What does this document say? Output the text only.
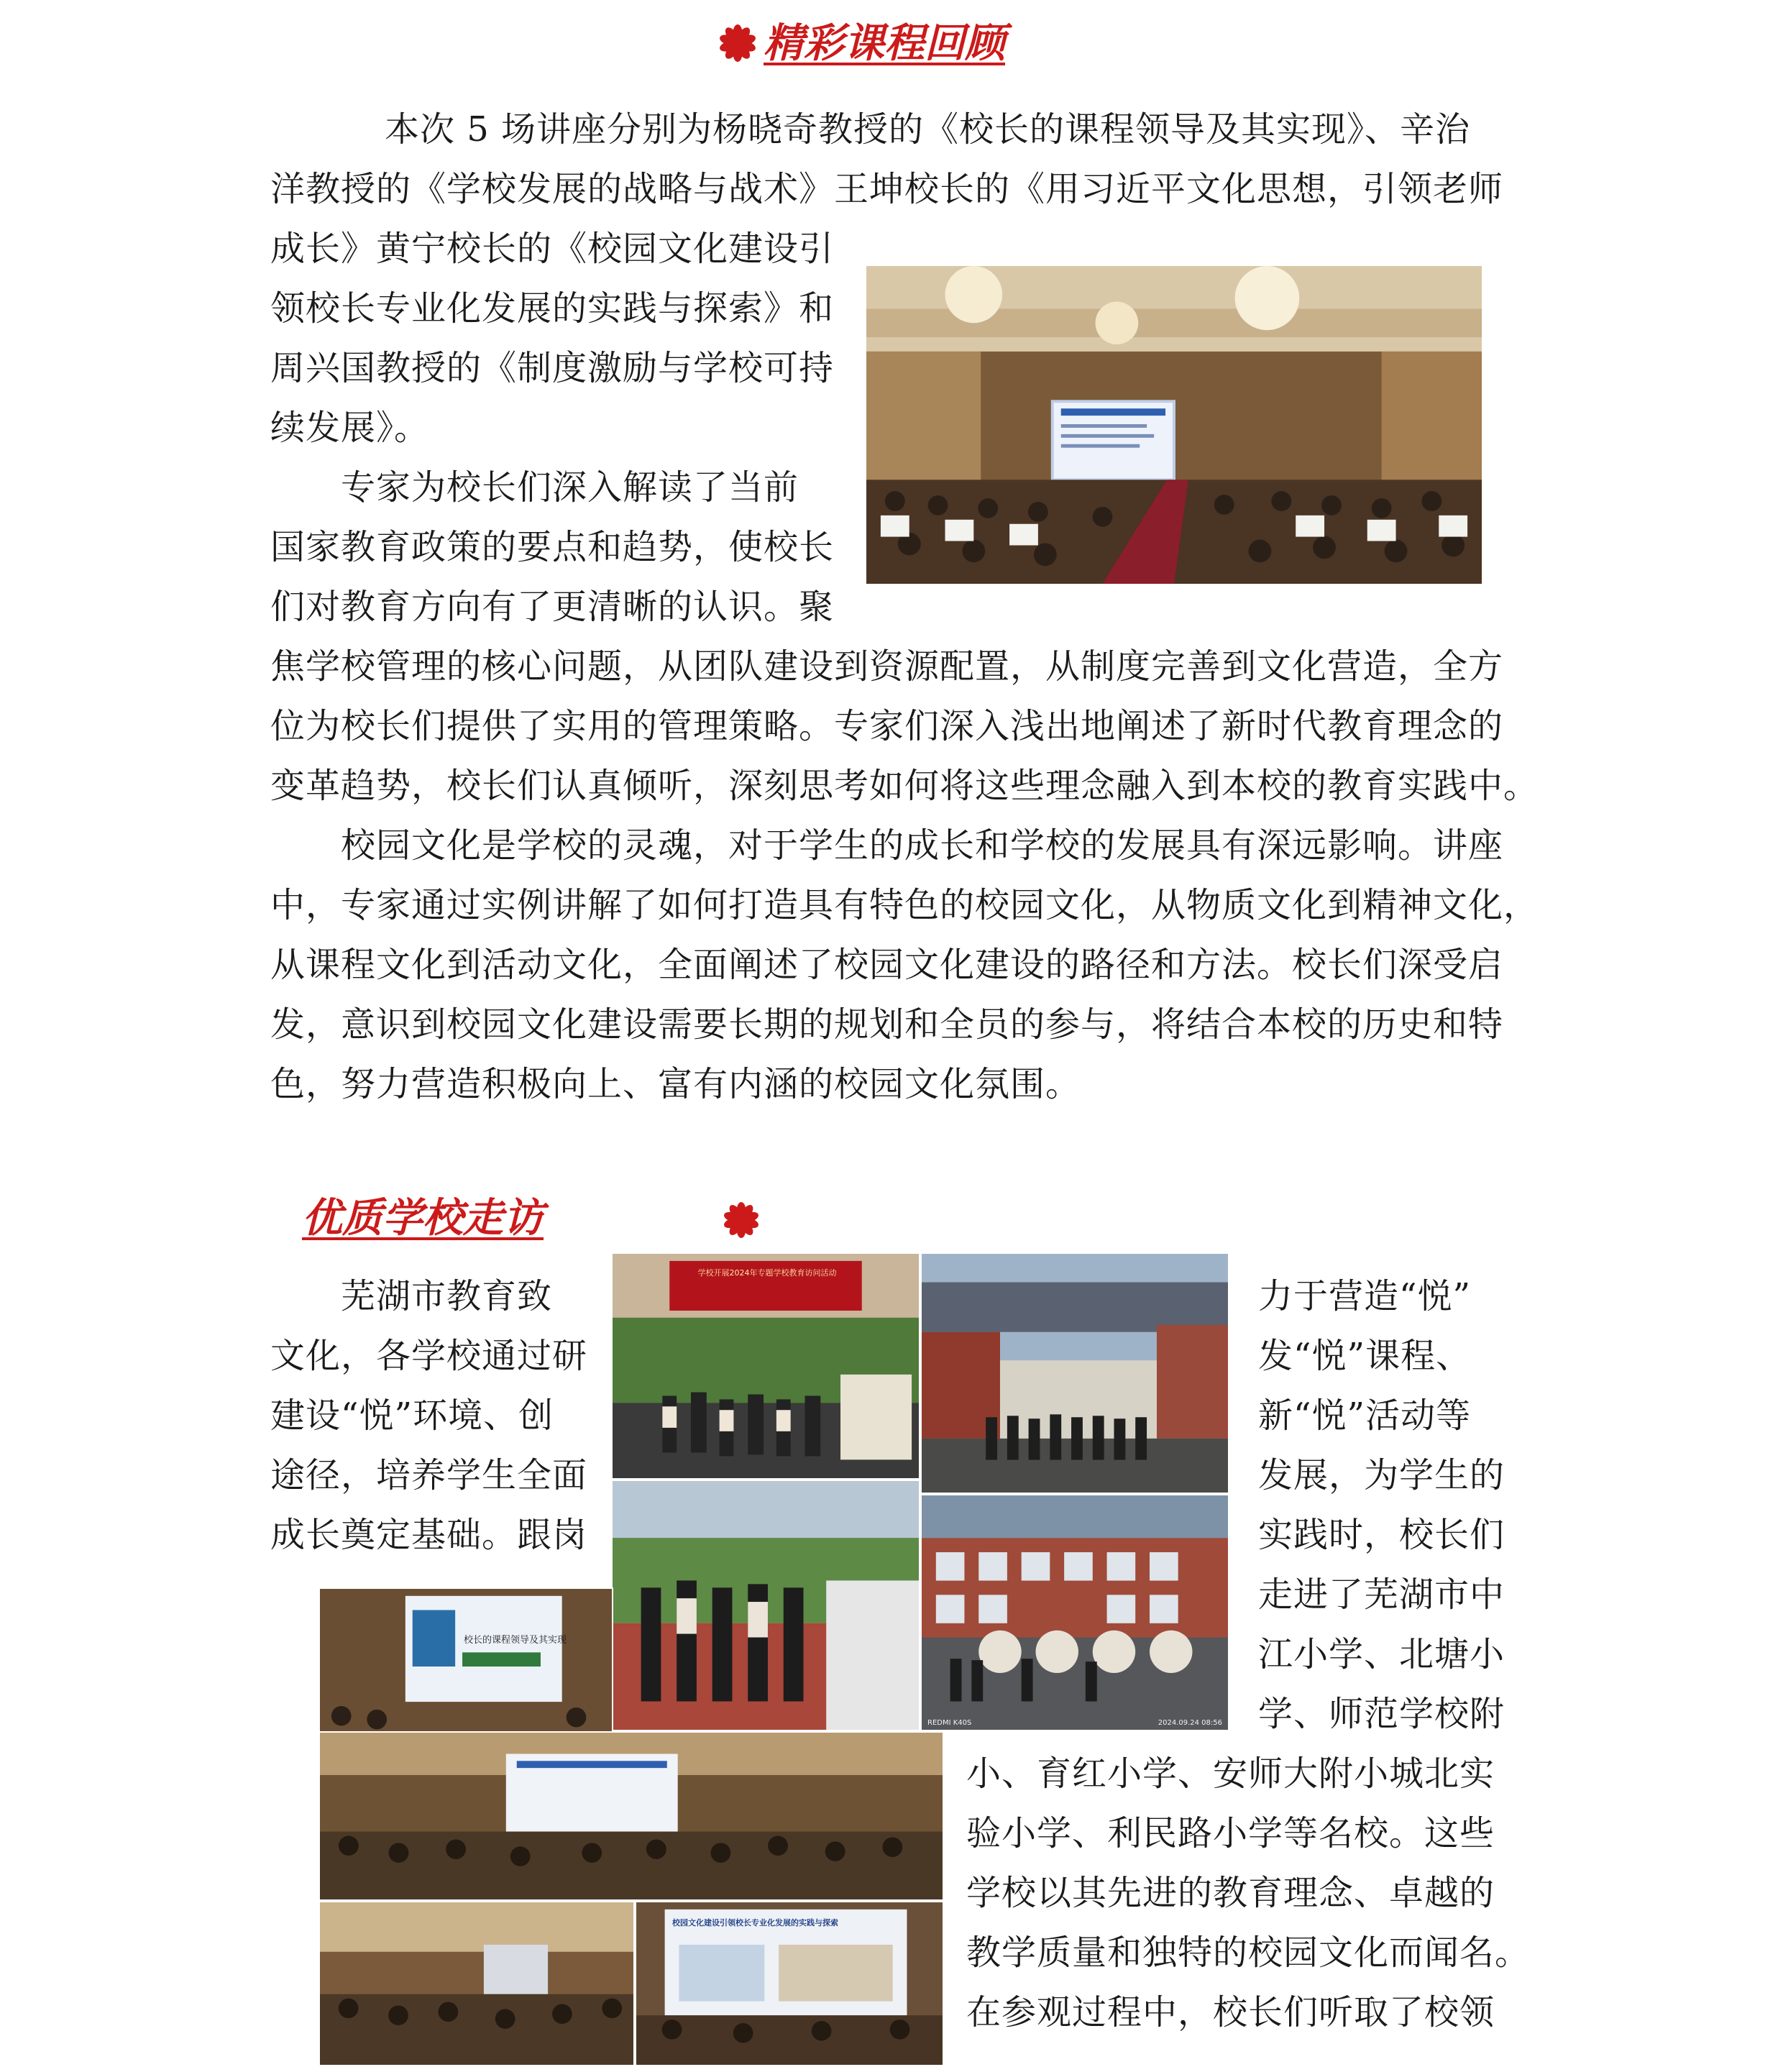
精彩课程回顾
本次 5 场讲座分别为杨晓奇教授的《校长的课程领导及其实现》、辛治
洋教授的《学校发展的战略与战术》王坤校长的《用习近平文化思想，引领老师
成长》黄宁校长的《校园文化建设引
领校长专业化发展的实践与探索》和
周兴国教授的《制度激励与学校可持
续发展》。
专家为校长们深入解读了当前
国家教育政策的要点和趋势，使校长
们对教育方向有了更清晰的认识。聚
焦学校管理的核心问题，从团队建设到资源配置，从制度完善到文化营造，全方
位为校长们提供了实用的管理策略。专家们深入浅出地阐述了新时代教育理念的
变革趋势，校长们认真倾听，深刻思考如何将这些理念融入到本校的教育实践中。
校园文化是学校的灵魂，对于学生的成长和学校的发展具有深远影响。讲座
中，专家通过实例讲解了如何打造具有特色的校园文化，从物质文化到精神文化，
从课程文化到活动文化，全面阐述了校园文化建设的路径和方法。校长们深受启
发，意识到校园文化建设需要长期的规划和全员的参与，将结合本校的历史和特
色，努力营造积极向上、富有内涵的校园文化氛围。
优质学校走访
芜湖市教育致
文化，各学校通过研
建设“悦”环境、创
途径，培养学生全面
成长奠定基础。跟岗
力于营造“悦”
发“悦”课程、
新“悦”活动等
发展，为学生的
实践时，校长们
走进了芜湖市中
江小学、北塘小
学、师范学校附
小、育红小学、安师大附小城北实
验小学、利民路小学等名校。这些
学校以其先进的教育理念、卓越的
教学质量和独特的校园文化而闻名。
在参观过程中，校长们听取了校领
学校开展2024年专题学校教育访问活动
REDMI K40S	2024.09.24 08:56
校长的课程领导及其实现
校园文化建设引领校长专业化发展的实践与探索
